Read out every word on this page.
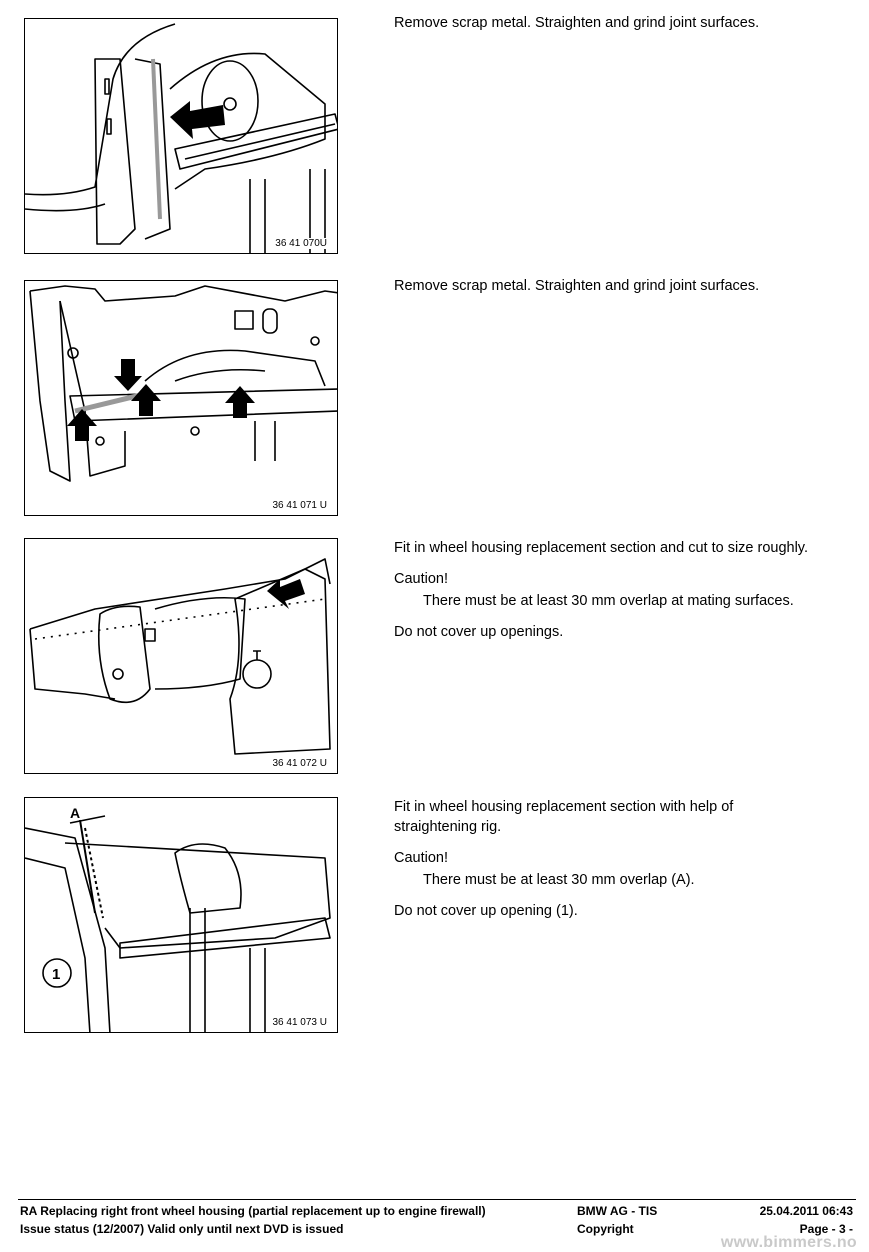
36 41 070U

Remove scrap metal. Straighten and grind joint surfaces.

36 41 071 U

Remove scrap metal. Straighten and grind joint surfaces.

36 41 072 U

Fit in wheel housing replacement section and cut to size roughly.

Caution!

There must be at least 30 mm overlap at mating surfaces.

Do not cover up openings.

A
1
36 41 073 U

Fit in wheel housing replacement section with help of straightening rig.

Caution!

There must be at least 30 mm overlap (A).

Do not cover up opening (1).

RA Replacing right front wheel housing (partial replacement up to engine firewall)
Issue status (12/2007) Valid only until next DVD is issued
BMW AG - TIS
Copyright
25.04.2011 06:43
Page - 3 -
www.bimmers.no
